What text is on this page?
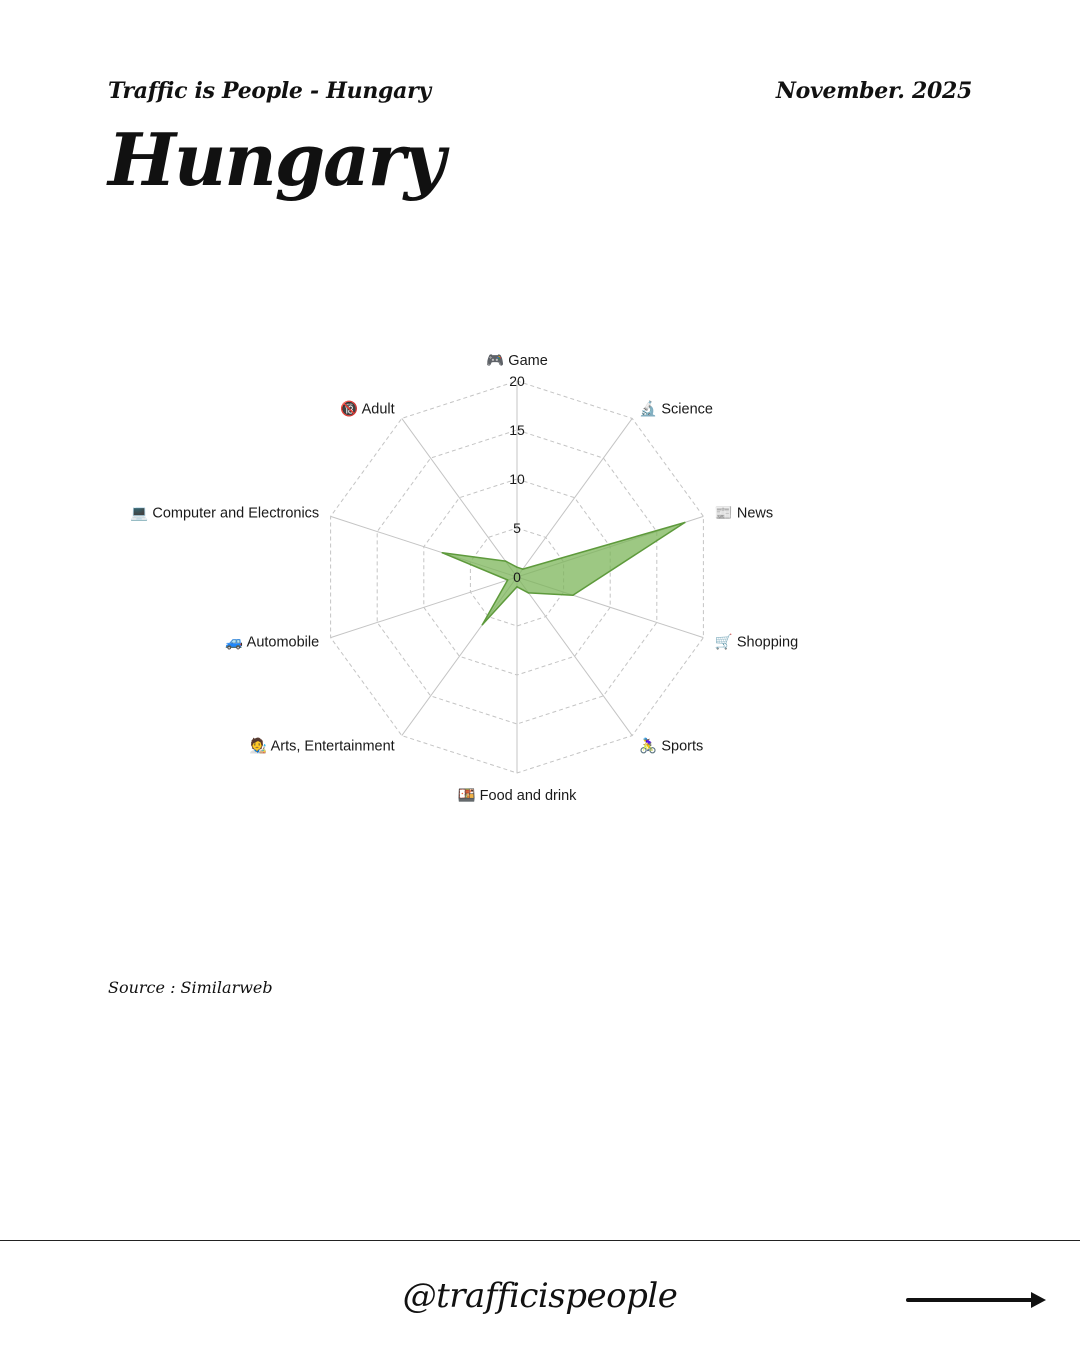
Traffic is People - Hungary	November. 2025
Hungary
0
5
10
15
20
🎮 Game
🔬 Science
📰 News
🛒 Shopping
🚴‍♀️ Sports
🍱 Food and drink
🧑‍🎨 Arts, Entertainment
🚙 Automobile
💻 Computer and Electronics
🔞 Adult
Source : Similarweb
@trafficispeople
